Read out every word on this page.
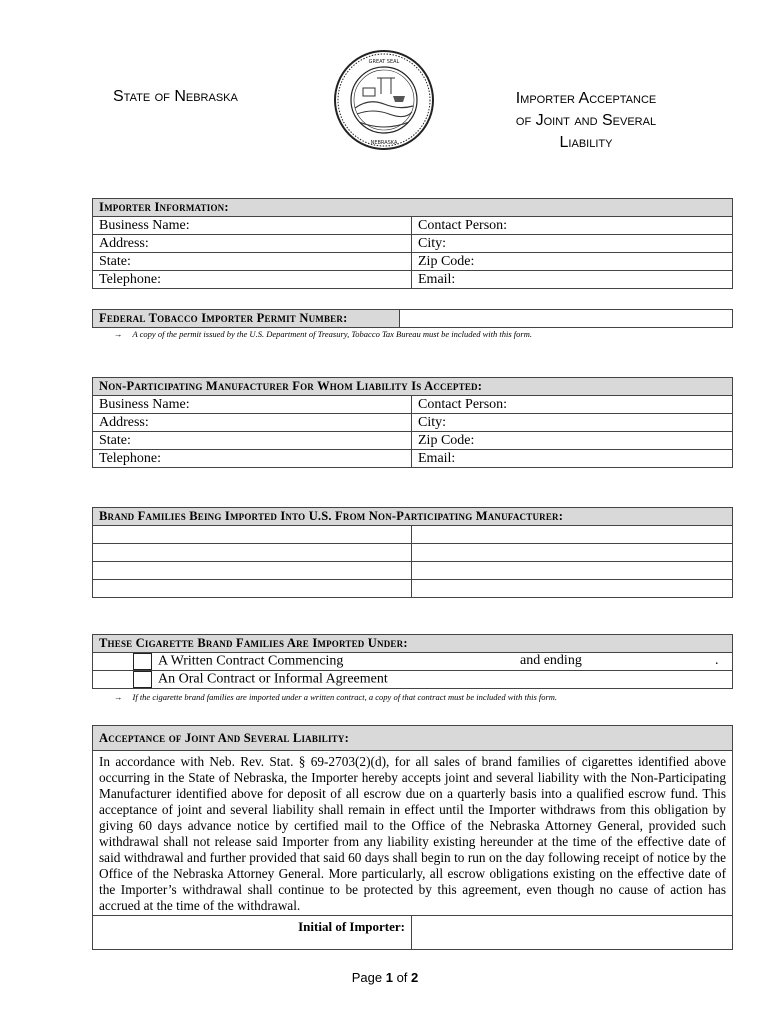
State of Nebraska
GREAT SEAL
NEBRASKA
Importer Acceptance
of Joint and Several
Liability
Importer Information:	
Business Name:	Contact Person:
Address:	City:
State:	Zip Code:
Telephone:	Email:
Federal Tobacco Importer Permit Number:	
→ A copy of the permit issued by the U.S. Department of Treasury, Tobacco Tax Bureau must be included with this form.
Non-Participating Manufacturer For Whom Liability Is Accepted:	
Business Name:	Contact Person:
Address:	City:
State:	Zip Code:
Telephone:	Email:
Brand Families Being Imported Into U.S. From Non-Participating Manufacturer:	

These Cigarette Brand Families Are Imported Under:
A Written Contract Commencing	and ending	.

An Oral Contract or Informal Agreement
→ If the cigarette brand families are imported under a written contract, a copy of that contract must be included with this form.
Acceptance of Joint And Several Liability:
In accordance with Neb. Rev. Stat. § 69-2703(2)(d), for all sales of brand families of cigarettes identified above occurring in the State of Nebraska, the Importer hereby accepts joint and several liability with the Non-Participating Manufacturer identified above for deposit of all escrow due on a quarterly basis into a qualified escrow fund. This acceptance of joint and several liability shall remain in effect until the Importer withdraws from this obligation by giving 60 days advance notice by certified mail to the Office of the Nebraska Attorney General, provided such withdrawal shall not release said Importer from any liability existing hereunder at the time of the effective date of said withdrawal and further provided that said 60 days shall begin to run on the day following receipt of notice by the Office of the Nebraska Attorney General. More particularly, all escrow obligations existing on the effective date of the Importer’s withdrawal shall continue to be protected by this agreement, even though no cause of action has accrued at the time of the withdrawal.
Initial of Importer:	
Page 1 of 2
